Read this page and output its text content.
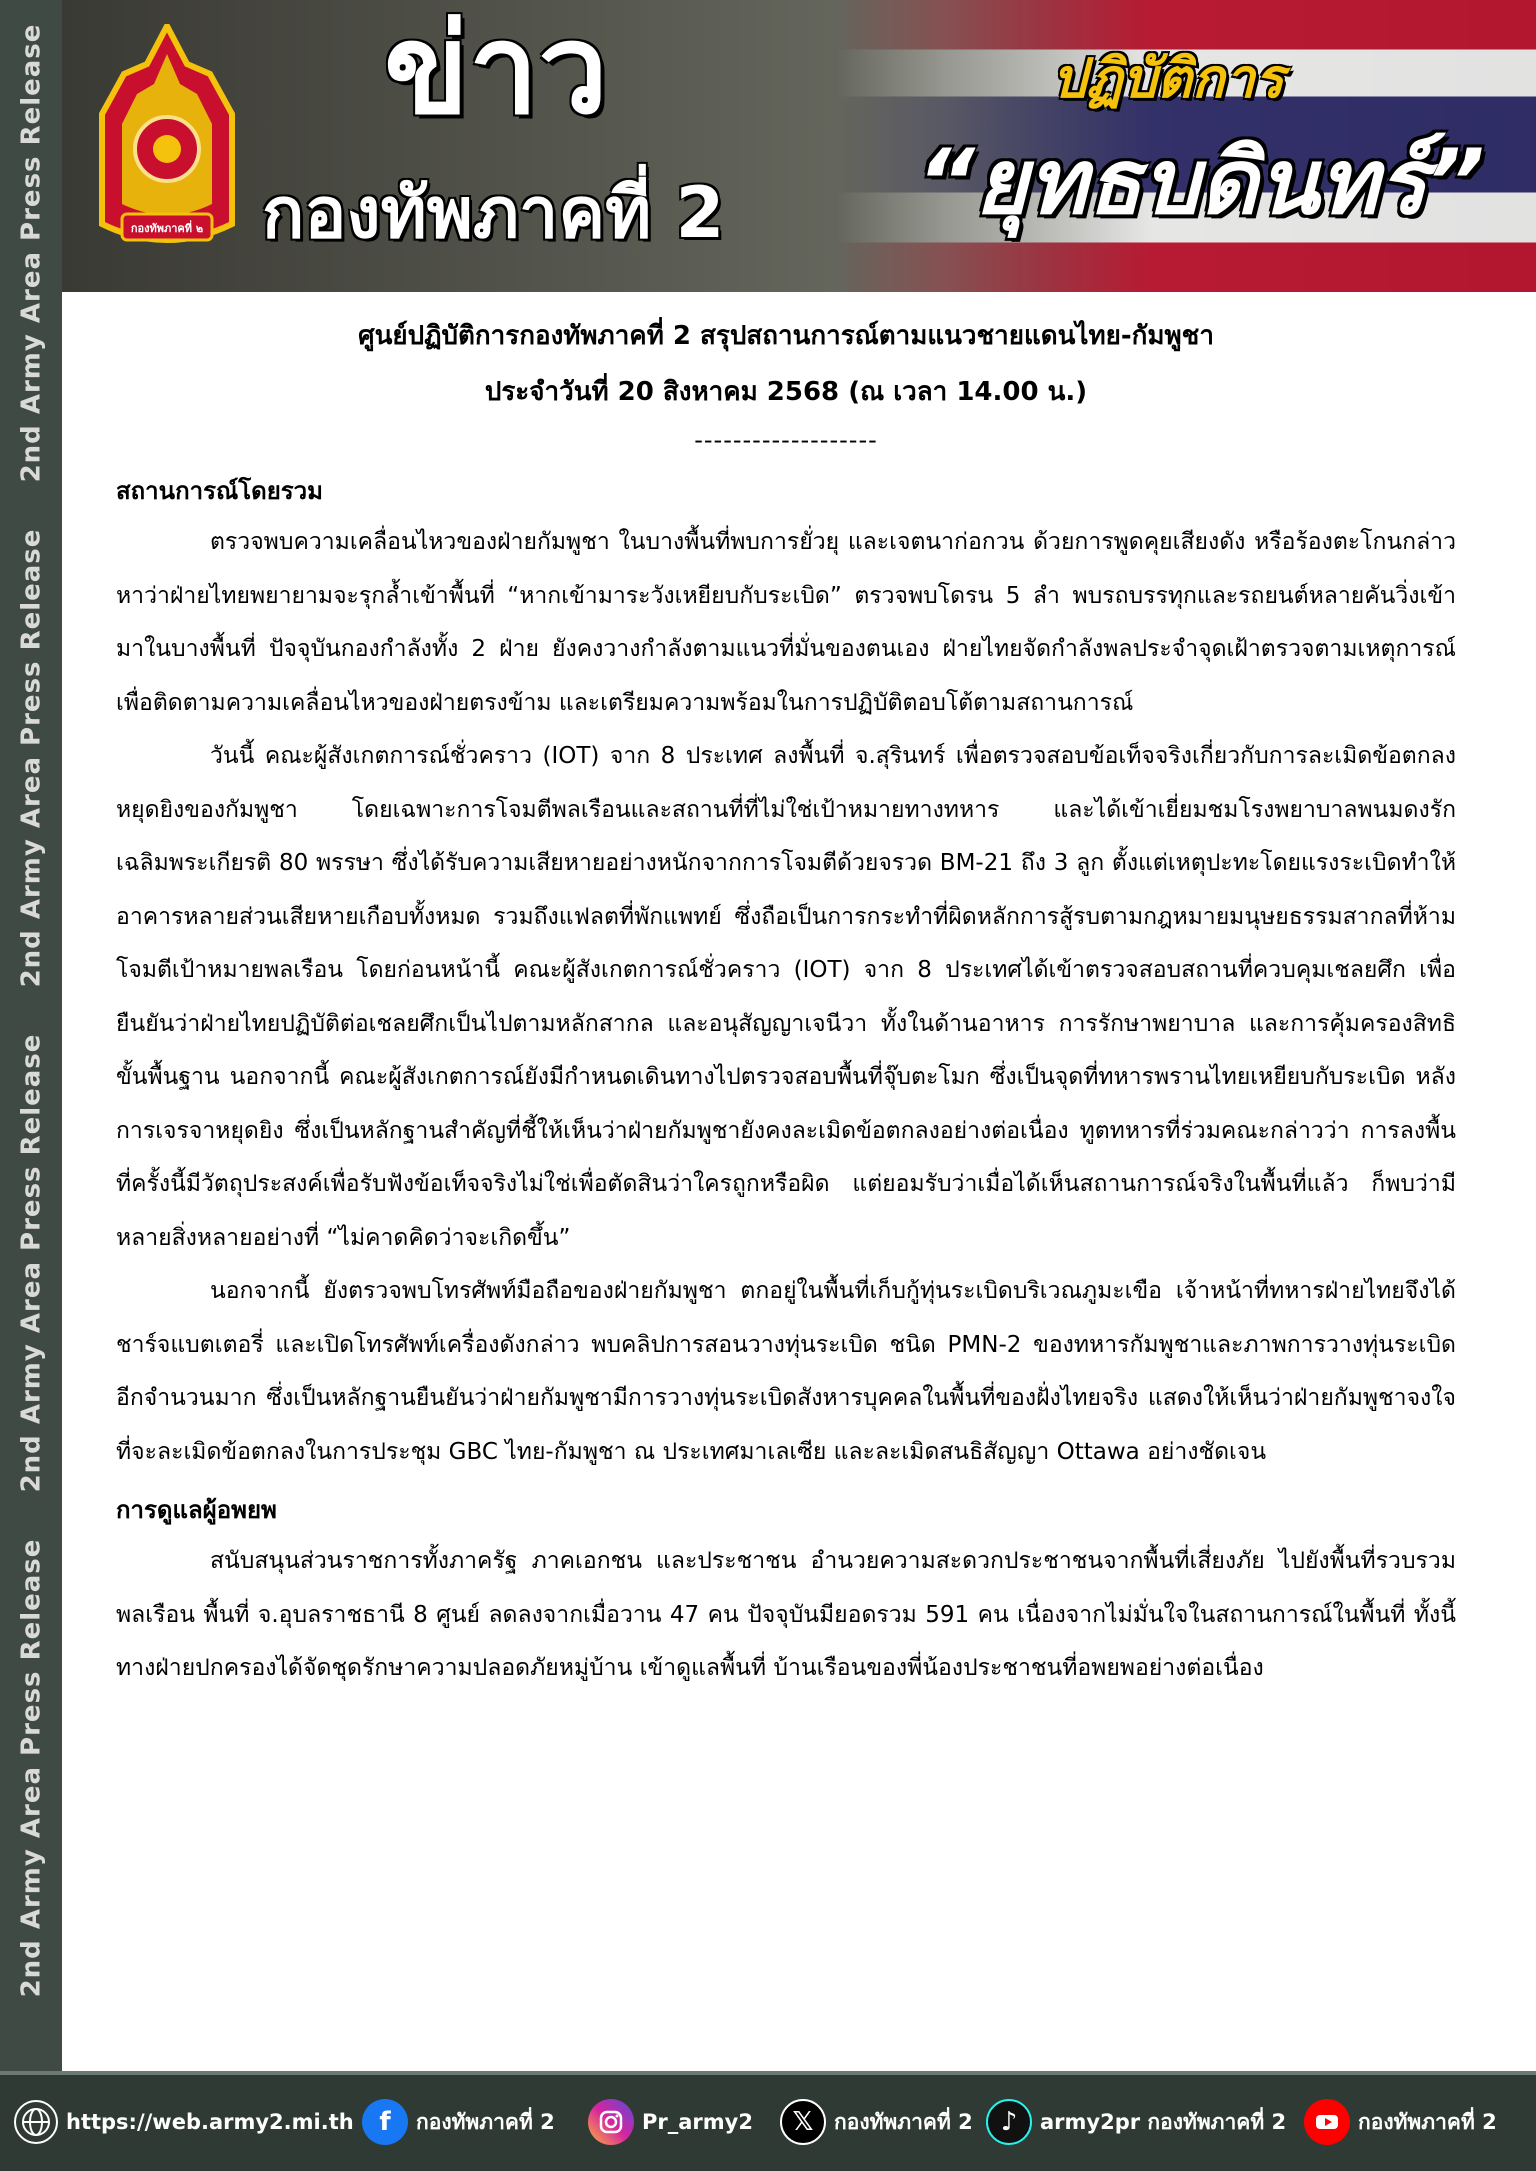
2nd Army Area Press Release
2nd Army Area Press Release
2nd Army Area Press Release
2nd Army Area Press Release
กองทัพภาคที่ ๒
ข่าว
กองทัพภาคที่ 2
ปฏิบัติการ
“ยุทธบดินทร์”

ศูนย์ปฏิบัติการกองทัพภาคที่ 2 สรุปสถานการณ์ตามแนวชายแดนไทย-กัมพูชา

ประจำวันที่ 20 สิงหาคม 2568 (ณ เวลา 14.00 น.)

-------------------

สถานการณ์โดยรวม

ตรวจพบความเคลื่อนไหวของฝ่ายกัมพูชา ในบางพื้นที่พบการยั่วยุ และเจตนาก่อกวน ด้วยการพูดคุยเสียงดัง หรือร้องตะโกนกล่าวหาว่าฝ่ายไทยพยายามจะรุกล้ำเข้าพื้นที่ “หากเข้ามาระวังเหยียบกับระเบิด” ตรวจพบโดรน 5 ลำ พบรถบรรทุกและรถยนต์หลายคันวิ่งเข้ามาในบางพื้นที่ ปัจจุบันกองกำลังทั้ง 2 ฝ่าย ยังคงวางกำลังตามแนวที่มั่นของตนเอง ฝ่ายไทยจัดกำลังพลประจำจุดเฝ้าตรวจตามเหตุการณ์ เพื่อติดตามความเคลื่อนไหวของฝ่ายตรงข้าม และเตรียมความพร้อมในการปฏิบัติตอบโต้ตามสถานการณ์

วันนี้ คณะผู้สังเกตการณ์ชั่วคราว (IOT) จาก 8 ประเทศ ลงพื้นที่ จ.สุรินทร์ เพื่อตรวจสอบข้อเท็จจริงเกี่ยวกับการละเมิดข้อตกลงหยุดยิงของกัมพูชา โดยเฉพาะการโจมตีพลเรือนและสถานที่ที่ไม่ใช่เป้าหมายทางทหาร และได้เข้าเยี่ยมชมโรงพยาบาลพนมดงรัก เฉลิมพระเกียรติ 80 พรรษา ซึ่งได้รับความเสียหายอย่างหนักจากการโจมตีด้วยจรวด BM-21 ถึง 3 ลูก ตั้งแต่เหตุปะทะโดยแรงระเบิดทำให้อาคารหลายส่วนเสียหายเกือบทั้งหมด รวมถึงแฟลตที่พักแพทย์ ซึ่งถือเป็นการกระทำที่ผิดหลักการสู้รบตามกฎหมายมนุษยธรรมสากลที่ห้ามโจมตีเป้าหมายพลเรือน โดยก่อนหน้านี้ คณะผู้สังเกตการณ์ชั่วคราว (IOT) จาก 8 ประเทศได้เข้าตรวจสอบสถานที่ควบคุมเชลยศึก เพื่อยืนยันว่าฝ่ายไทยปฏิบัติต่อเชลยศึกเป็นไปตามหลักสากล และอนุสัญญาเจนีวา ทั้งในด้านอาหาร การรักษาพยาบาล และการคุ้มครองสิทธิขั้นพื้นฐาน นอกจากนี้ คณะผู้สังเกตการณ์ยังมีกำหนดเดินทางไปตรวจสอบพื้นที่จุ๊บตะโมก ซึ่งเป็นจุดที่ทหารพรานไทยเหยียบกับระเบิด หลังการเจรจาหยุดยิง ซึ่งเป็นหลักฐานสำคัญที่ชี้ให้เห็นว่าฝ่ายกัมพูชายังคงละเมิดข้อตกลงอย่างต่อเนื่อง ทูตทหารที่ร่วมคณะกล่าวว่า การลงพื้นที่ครั้งนี้มีวัตถุประสงค์เพื่อรับฟังข้อเท็จจริงไม่ใช่เพื่อตัดสินว่าใครถูกหรือผิด แต่ยอมรับว่าเมื่อได้เห็นสถานการณ์จริงในพื้นที่แล้ว ก็พบว่ามีหลายสิ่งหลายอย่างที่ “ไม่คาดคิดว่าจะเกิดขึ้น”

นอกจากนี้ ยังตรวจพบโทรศัพท์มือถือของฝ่ายกัมพูชา ตกอยู่ในพื้นที่เก็บกู้ทุ่นระเบิดบริเวณภูมะเขือ เจ้าหน้าที่ทหารฝ่ายไทยจึงได้ชาร์จแบตเตอรี่ และเปิดโทรศัพท์เครื่องดังกล่าว พบคลิปการสอนวางทุ่นระเบิด ชนิด PMN-2 ของทหารกัมพูชาและภาพการวางทุ่นระเบิดอีกจำนวนมาก ซึ่งเป็นหลักฐานยืนยันว่าฝ่ายกัมพูชามีการวางทุ่นระเบิดสังหารบุคคลในพื้นที่ของฝั่งไทยจริง แสดงให้เห็นว่าฝ่ายกัมพูชาจงใจที่จะละเมิดข้อตกลงในการประชุม GBC ไทย-กัมพูชา ณ ประเทศมาเลเซีย และละเมิดสนธิสัญญา Ottawa อย่างชัดเจน

การดูแลผู้อพยพ

สนับสนุนส่วนราชการทั้งภาครัฐ ภาคเอกชน และประชาชน อำนวยความสะดวกประชาชนจากพื้นที่เสี่ยงภัย ไปยังพื้นที่รวบรวมพลเรือน พื้นที่ จ.อุบลราชธานี 8 ศูนย์ ลดลงจากเมื่อวาน 47 คน ปัจจุบันมียอดรวม 591 คน เนื่องจากไม่มั่นใจในสถานการณ์ในพื้นที่ ทั้งนี้ทางฝ่ายปกครองได้จัดชุดรักษาความปลอดภัยหมู่บ้าน เข้าดูแลพื้นที่ บ้านเรือนของพี่น้องประชาชนที่อพยพอย่างต่อเนื่อง

https://web.army2.mi.th f	กองทัพภาคที่ 2	Pr_army2	𝕏 กองทัพภาคที่ 2	♪	army2pr กองทัพภาคที่ 2	กองทัพภาคที่ 2
